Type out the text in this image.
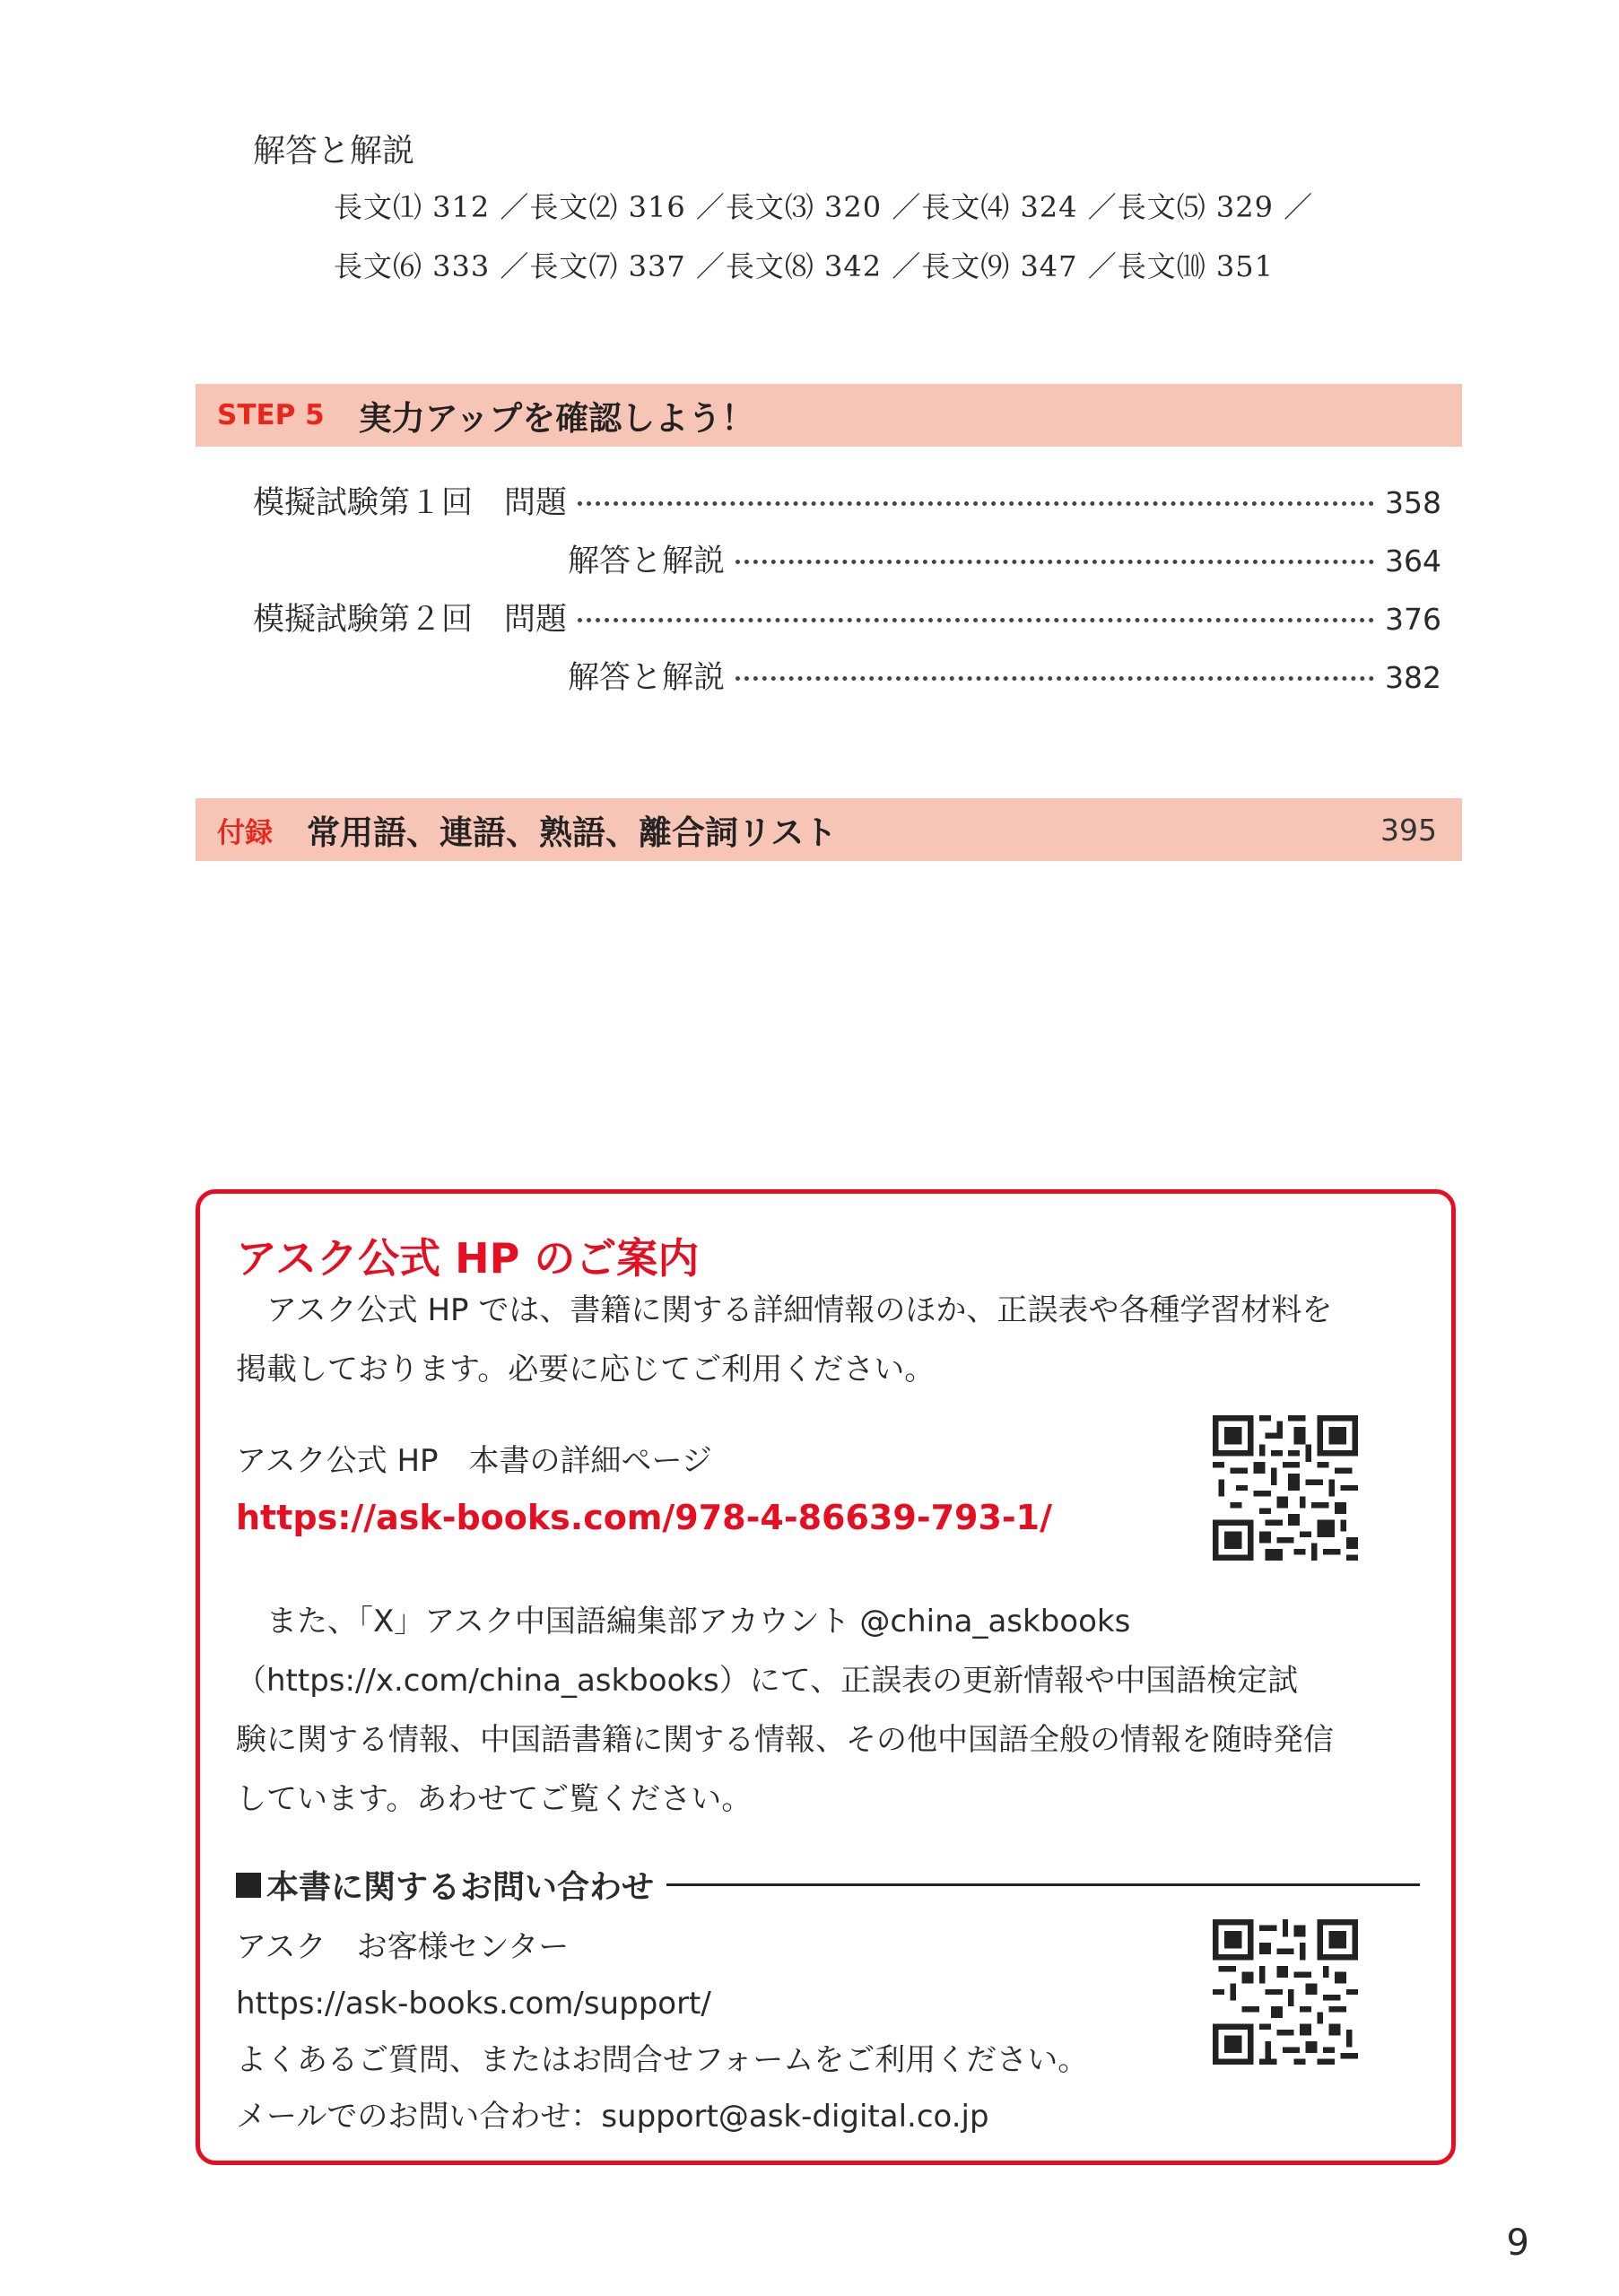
解答と解説
長文⑴ 312 ／長文⑵ 316 ／長文⑶ 320 ／長文⑷ 324 ／長文⑸ 329 ／
長文⑹ 333 ／長文⑺ 337 ／長文⑻ 342 ／長文⑼ 347 ／長文⑽ 351
STEP 5 実力アップを確認しよう！
模擬試験第１回　問題	358
解答と解説	364
模擬試験第２回　問題	376
解答と解説	382
付録 常用語、連語、熟語、離合詞リスト	395
アスク公式 HP のご案内
　アスク公式 HP では、書籍に関する詳細情報のほか、正誤表や各種学習材料を
掲載しております。必要に応じてご利用ください。
アスク公式 HP　本書の詳細ページ
https://ask-books.com/978-4-86639-793-1/
　また、「X」アスク中国語編集部アカウント @china_askbooks
（https://x.com/china_askbooks）にて、正誤表の更新情報や中国語検定試
験に関する情報、中国語書籍に関する情報、その他中国語全般の情報を随時発信
しています。あわせてご覧ください。
本書に関するお問い合わせ
アスク　お客様センター
https://ask-books.com/support/
よくあるご質問、またはお問合せフォームをご利用ください。
メールでのお問い合わせ：support@ask-digital.co.jp
9
